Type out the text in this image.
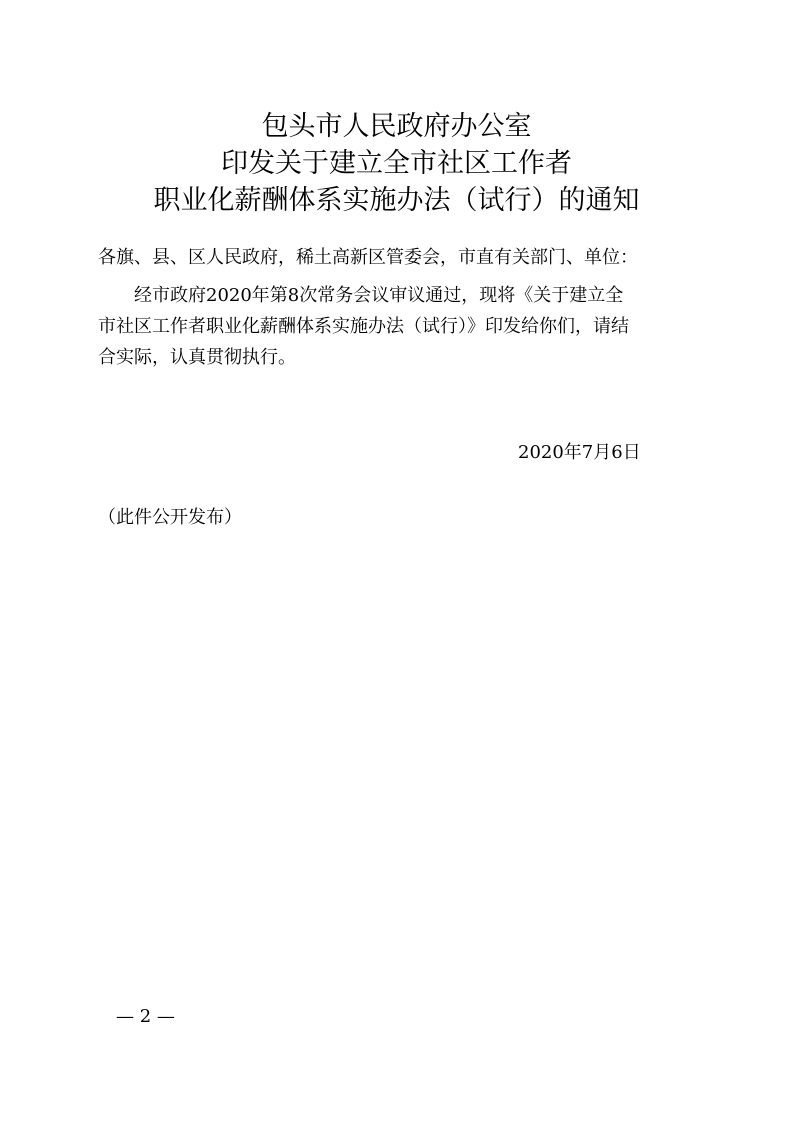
包头市人民政府办公室
印发关于建立全市社区工作者
职业化薪酬体系实施办法（试行）的通知
各旗、县、区人民政府，稀土高新区管委会，市直有关部门、单位：
经市政府2020年第8次常务会议审议通过，现将《关于建立全
市社区工作者职业化薪酬体系实施办法（试行）》印发给你们，请结
合实际，认真贯彻执行。
2020年7月6日
（此件公开发布）
— 2 —
